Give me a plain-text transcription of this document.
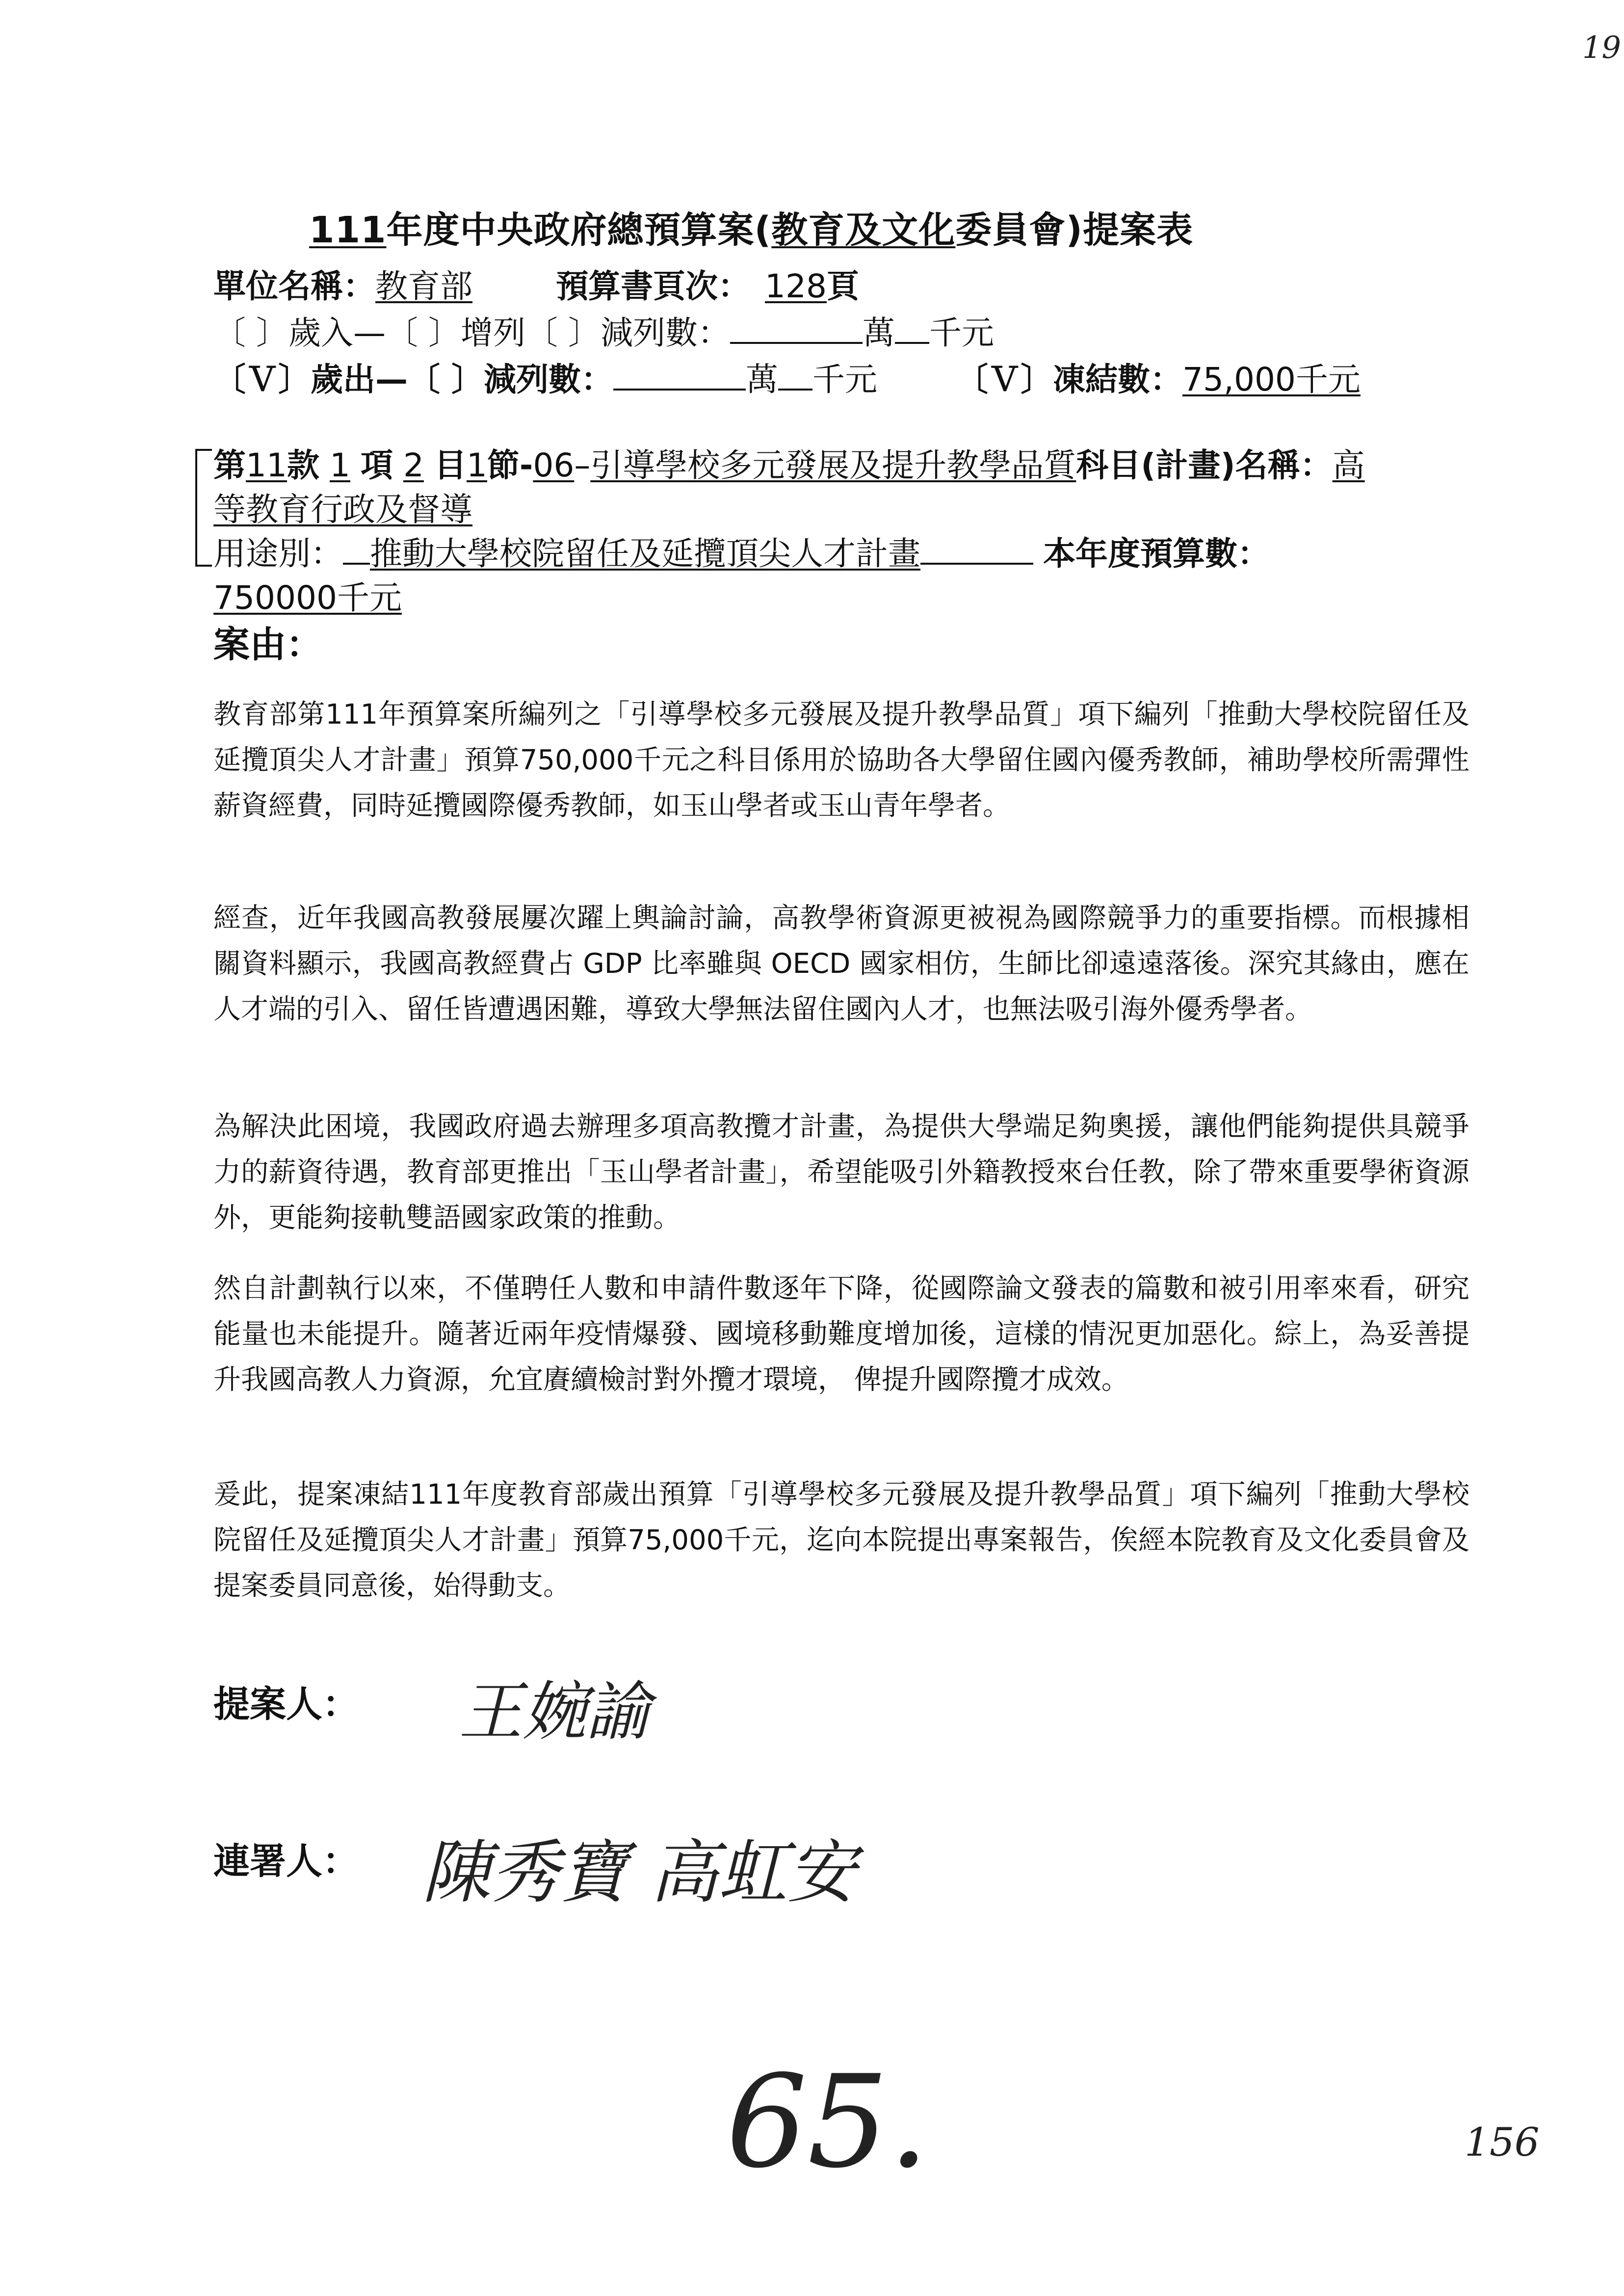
19
111年度中央政府總預算案(教育及文化委員會)提案表
單位名稱：教育部	預算書頁次： 128頁
〔 〕歲入—〔 〕增列〔 〕減列數：	萬 千元
〔Ｖ〕歲出—〔 〕減列數：	萬 千元 〔Ｖ〕凍結數：75,000千元
第11款 1 項 2 目1節-06–引導學校多元發展及提升教學品質科目(計畫)名稱：高
等教育行政及督導
用途別： 推動大學校院留任及延攬頂尖人才計畫	本年度預算數：
750000千元
案由：
教育部第111年預算案所編列之「引導學校多元發展及提升教學品質」項下編列「推動大學校院留任及延攬頂尖人才計畫」預算750,000千元之科目係用於協助各大學留住國內優秀教師，補助學校所需彈性薪資經費，同時延攬國際優秀教師，如玉山學者或玉山青年學者。
經查，近年我國高教發展屢次躍上輿論討論，高教學術資源更被視為國際競爭力的重要指標。而根據相關資料顯示，我國高教經費占 GDP 比率雖與 OECD 國家相仿，生師比卻遠遠落後。深究其緣由，應在人才端的引入、留任皆遭遇困難，導致大學無法留住國內人才，也無法吸引海外優秀學者。
為解決此困境，我國政府過去辦理多項高教攬才計畫，為提供大學端足夠奧援，讓他們能夠提供具競爭力的薪資待遇，教育部更推出「玉山學者計畫」，希望能吸引外籍教授來台任教，除了帶來重要學術資源外，更能夠接軌雙語國家政策的推動。
然自計劃執行以來，不僅聘任人數和申請件數逐年下降，從國際論文發表的篇數和被引用率來看，研究能量也未能提升。隨著近兩年疫情爆發、國境移動難度增加後，這樣的情況更加惡化。綜上，為妥善提升我國高教人力資源，允宜賡續檢討對外攬才環境， 俾提升國際攬才成效。
爰此，提案凍結111年度教育部歲出預算「引導學校多元發展及提升教學品質」項下編列「推動大學校院留任及延攬頂尖人才計畫」預算75,000千元，迄向本院提出專案報告，俟經本院教育及文化委員會及提案委員同意後，始得動支。
提案人： 王婉諭
連署人： 陳秀寶 高虹安
65.	156
